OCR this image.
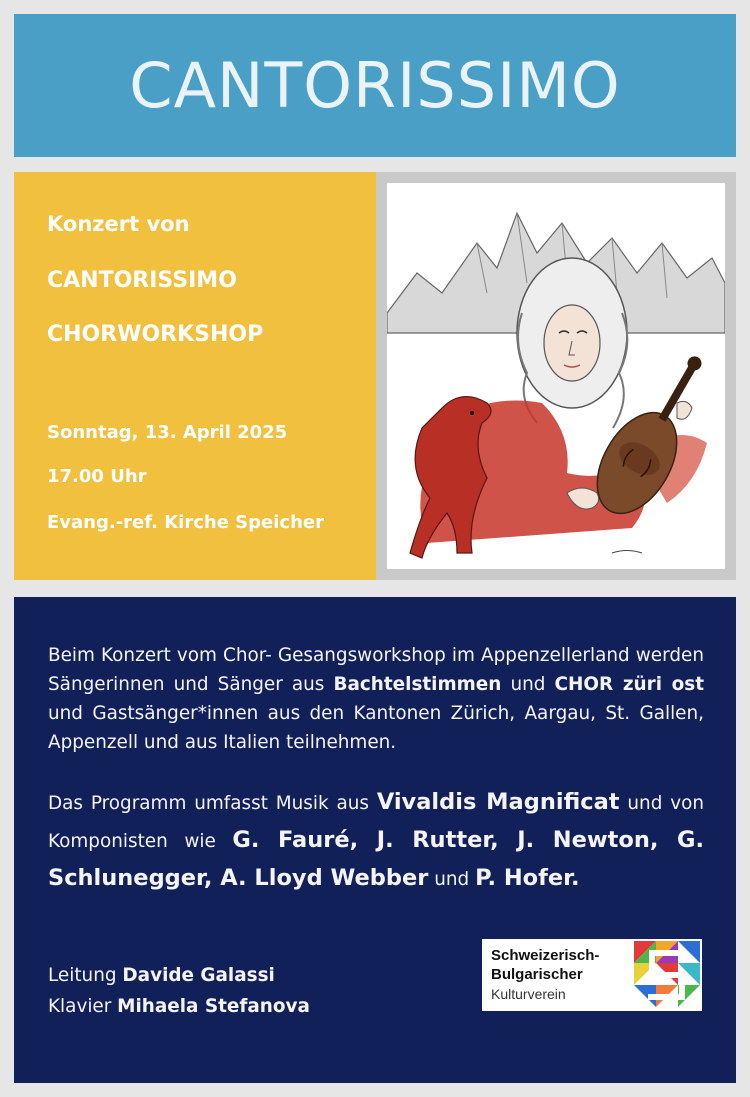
CANTORISSIMO

Konzert von

CANTORISSIMO

CHORWORKSHOP

Sonntag, 13. April 2025

17.00 Uhr

Evang.-ref. Kirche Speicher

Beim Konzert vom Chor- Gesangsworkshop im Appenzellerland werden Sängerinnen und Sänger aus Bachtelstimmen und CHOR züri ost und Gastsänger*innen aus den Kantonen Zürich, Aargau, St. Gallen, Appenzell und aus Italien teilnehmen.

Das Programm umfasst Musik aus Vivaldis Magnificat und von Komponisten wie G. Fauré, J. Rutter, J. Newton, G. Schlunegger, A. Lloyd Webber und P. Hofer.

Leitung Davide Galassi
Klavier Mihaela Stefanova

Schweizerisch-
Bulgarischer
Kulturverein
